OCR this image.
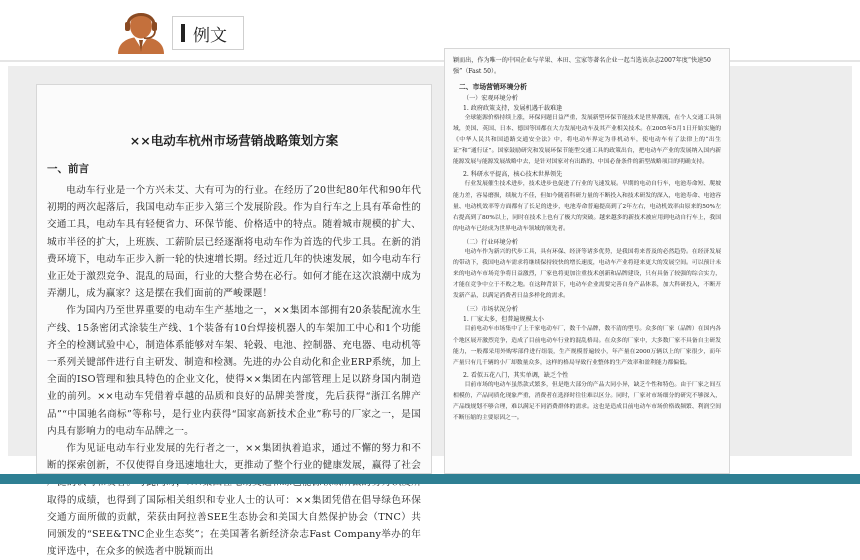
例文
××电动车杭州市场营销战略策划方案
一、前言

电动车行业是一个方兴未艾、大有可为的行业。在经历了20世纪80年代和90年代初期的两次起落后，我国电动车正步入第三个发展阶段。作为自行车之上具有革命性的交通工具，电动车具有轻便省力、环保节能、价格适中的特点。随着城市规模的扩大、城市半径的扩大，上班族、工薪阶层已经逐渐将电动车作为首选的代步工具。在新的消费环境下，电动车正步入新一轮的快速增长期。经过近几年的快速发展，如今电动车行业正处于激烈竞争、混乱的局面，行业的大整合势在必行。如何才能在这次浪潮中成为弄潮儿，成为赢家？这是摆在我们面前的严峻课题！

作为国内乃至世界重要的电动车生产基地之一，××集团本部拥有20条装配流水生产线、15条密闭式涂装生产线、1个装备有10台焊接机器人的车架加工中心和1个功能齐全的检测试验中心，制造体系能够对车架、轮毂、电池、控制器、充电器、电动机等一系列关键部件进行自主研发、制造和检测。先进的办公自动化和企业ERP系统，加上全面的ISO管理和独具特色的企业文化，使得××集团在内部管理上足以跻身国内制造业的前列。××电动车凭借着卓越的品质和良好的品牌美誉度，先后获得“浙江名牌产品”“中国驰名商标”等称号，是行业内获得“国家高新技术企业”称号的厂家之一，是国内具有影响力的电动车品牌之一。

作为见证电动车行业发展的先行者之一，××集团执着追求，通过不懈的努力和不断的探索创新，不仅使得自身迅速地壮大，更推动了整个行业的健康发展，赢得了社会 取得的成绩，也得到了国际相关组织和专业人士的认可：××集团凭借在倡导绿色环保交通方面所做的贡献，荣获由阿拉善SEE生态协会和美国大自然保护协会（TNC）共同颁发的“SEE&TNC企业生态奖”；在美国著名新经济杂志Fast Company举办的年度评选中，在众多的候选者中脱颖而出

颖而出，作为唯一的中国企业与苹果、本田、宝家等著名企业一起当选该杂志2007年度“快速50强”（Fast 50）。

二、市场营销环境分析
（一）宏观环境分析
1. 政府政策支持，发展机遇千载难逢

全球能源价格持续上涨，环保问题日益严重，发展新型环保节能技术是世界潮流，在个人交通工具领域，美国、英国、日本、德国等国都在大力发展电动车及其产业相关技术。在2005年5月1日开始实施的《中华人民共和国道路交通安全法》中，将电动车界定为非机动车，使电动车有了法律上的“出生证”和“通行证”。国家鼓励研究和发展环保节能型交通工具的政策出台，把电动车产业的发展纳入国内新能源发展与能源发展战略中去，是针对国家对有出路的、中国必备条件的新型战略项目的明确支持。

2. 科研水平提高，核心技术世界领先

行业发展催生技术进步，技术进步也促进了行业的飞速发展。早期的电动自行车，电池寿命短、爬坡能力差，容易磨损，续航力不佳，但如今随着科研力量的不断投入和技术研发的深入，电池寿命、电池容量、电动机效率等方面都有了长足的进步，电池寿命普遍提高到了2年左右，电动机效率由原来的50%左右提高到了80%以上，同时在技术上也有了极大的突破。越来越多的新技术被应用到电动自行车上，我国的电动车已经成为世界电动车领域的领先者。

（二）行业环境分析

电动车作为新兴的代步工具，具有环保、经济等诸多优势，是我国将来普及的必然趋势。在经济发展的带动下，我国电动车需求将继续保持较快的增长速度，电动车产业将迎来更大的发展空间。可以预计未来的电动车市场竞争将日益激烈，厂家也将更加注重技术创新和品牌建设，只有具备了较强的综合实力，才能在竞争中立于不败之地。在这种背景下，电动车企业需要完善自身产品体系，加大科研投入，不断开发新产品，以满足消费者日益多样化的需求。

（三）市场状况分析
1. 厂家太多，但普遍规模太小

目前电动车市场集中了上千家电动车厂，数千个品牌，数不清的型号。众多的厂家（品牌）在国内各个地区展开激烈竞争，造成了目前电动车行业的混乱格局。在众多的厂家中，大多数厂家不具备自主研发能力，一般都采用外购零部件进行组装，生产规模普遍较小，年产量在2000万辆以上的厂家很少，而年产量只有几千辆的小厂却数量众多，这样的格局导致行业整体的生产效率和盈利能力都偏低。

2. 看似五花八门，其实单调，缺乏个性

目前市场的电动车虽然款式繁多，但是绝大部分的产品大同小异，缺乏个性和特色。由于厂家之间互相模仿，产品同质化现象严重，消费者在选择时往往难以区分。同时，厂家对市场细分的研究不够深入，产品线规划不够合理，难以满足不同消费群体的需求。这也是造成目前电动车市场价格战频繁、利润空间不断压缩的主要原因之一。
